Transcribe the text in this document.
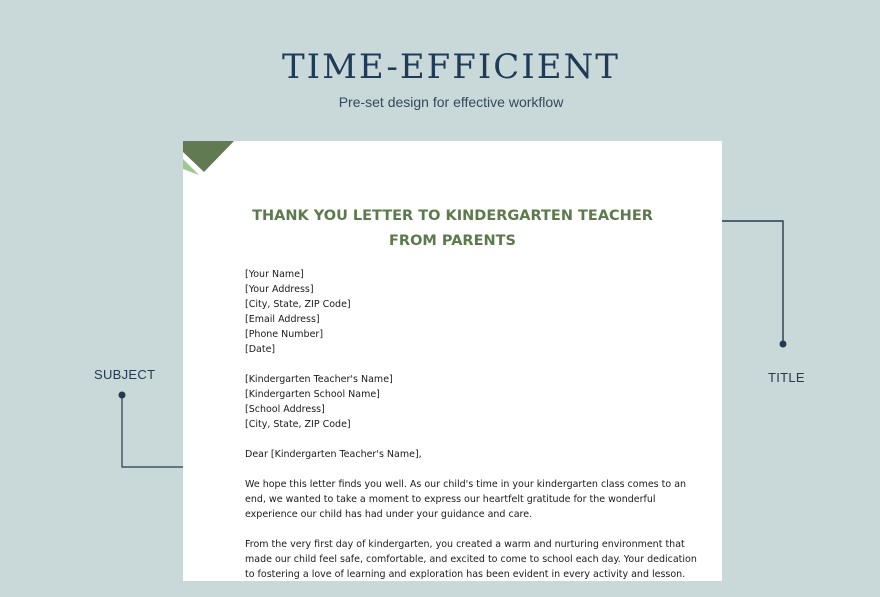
TIME-EFFICIENT
Pre-set design for effective workflow
SUBJECT	TITLE
THANK YOU LETTER TO KINDERGARTEN TEACHER
FROM PARENTS
[Your Name]
[Your Address]
[City, State, ZIP Code]
[Email Address]
[Phone Number]
[Date]
[Kindergarten Teacher's Name]
[Kindergarten School Name]
[School Address]
[City, State, ZIP Code]
Dear [Kindergarten Teacher's Name],
We hope this letter finds you well. As our child's time in your kindergarten class comes to an
end, we wanted to take a moment to express our heartfelt gratitude for the wonderful
experience our child has had under your guidance and care.
From the very first day of kindergarten, you created a warm and nurturing environment that
made our child feel safe, comfortable, and excited to come to school each day. Your dedication
to fostering a love of learning and exploration has been evident in every activity and lesson.
